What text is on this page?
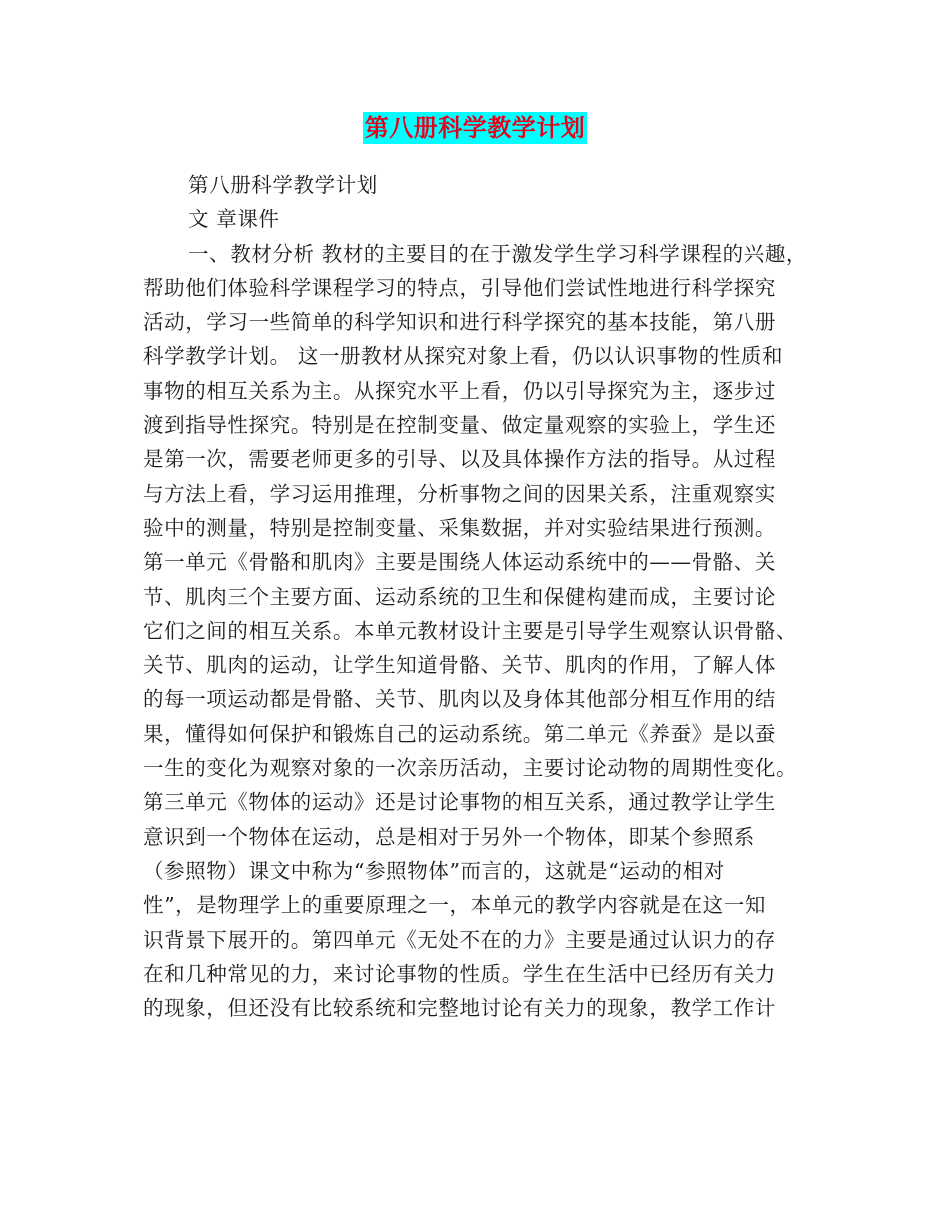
第八册科学教学计划
第八册科学教学计划
文 章课件
一、教材分析 教材的主要目的在于激发学生学习科学课程的兴趣，
帮助他们体验科学课程学习的特点，引导他们尝试性地进行科学探究
活动，学习一些简单的科学知识和进行科学探究的基本技能，第八册
科学教学计划。 这一册教材从探究对象上看，仍以认识事物的性质和
事物的相互关系为主。从探究水平上看，仍以引导探究为主，逐步过
渡到指导性探究。特别是在控制变量、做定量观察的实验上，学生还
是第一次，需要老师更多的引导、以及具体操作方法的指导。从过程
与方法上看，学习运用推理，分析事物之间的因果关系，注重观察实
验中的测量，特别是控制变量、采集数据，并对实验结果进行预测。
第一单元《骨骼和肌肉》主要是围绕人体运动系统中的——骨骼、关
节、肌肉三个主要方面、运动系统的卫生和保健构建而成，主要讨论
它们之间的相互关系。本单元教材设计主要是引导学生观察认识骨骼、
关节、肌肉的运动，让学生知道骨骼、关节、肌肉的作用，了解人体
的每一项运动都是骨骼、关节、肌肉以及身体其他部分相互作用的结
果，懂得如何保护和锻炼自己的运动系统。第二单元《养蚕》是以蚕
一生的变化为观察对象的一次亲历活动，主要讨论动物的周期性变化。
第三单元《物体的运动》还是讨论事物的相互关系，通过教学让学生
意识到一个物体在运动，总是相对于另外一个物体，即某个参照系
（参照物）课文中称为“参照物体”而言的，这就是“运动的相对
性”，是物理学上的重要原理之一，本单元的教学内容就是在这一知
识背景下展开的。第四单元《无处不在的力》主要是通过认识力的存
在和几种常见的力，来讨论事物的性质。学生在生活中已经历有关力
的现象，但还没有比较系统和完整地讨论有关力的现象，教学工作计
